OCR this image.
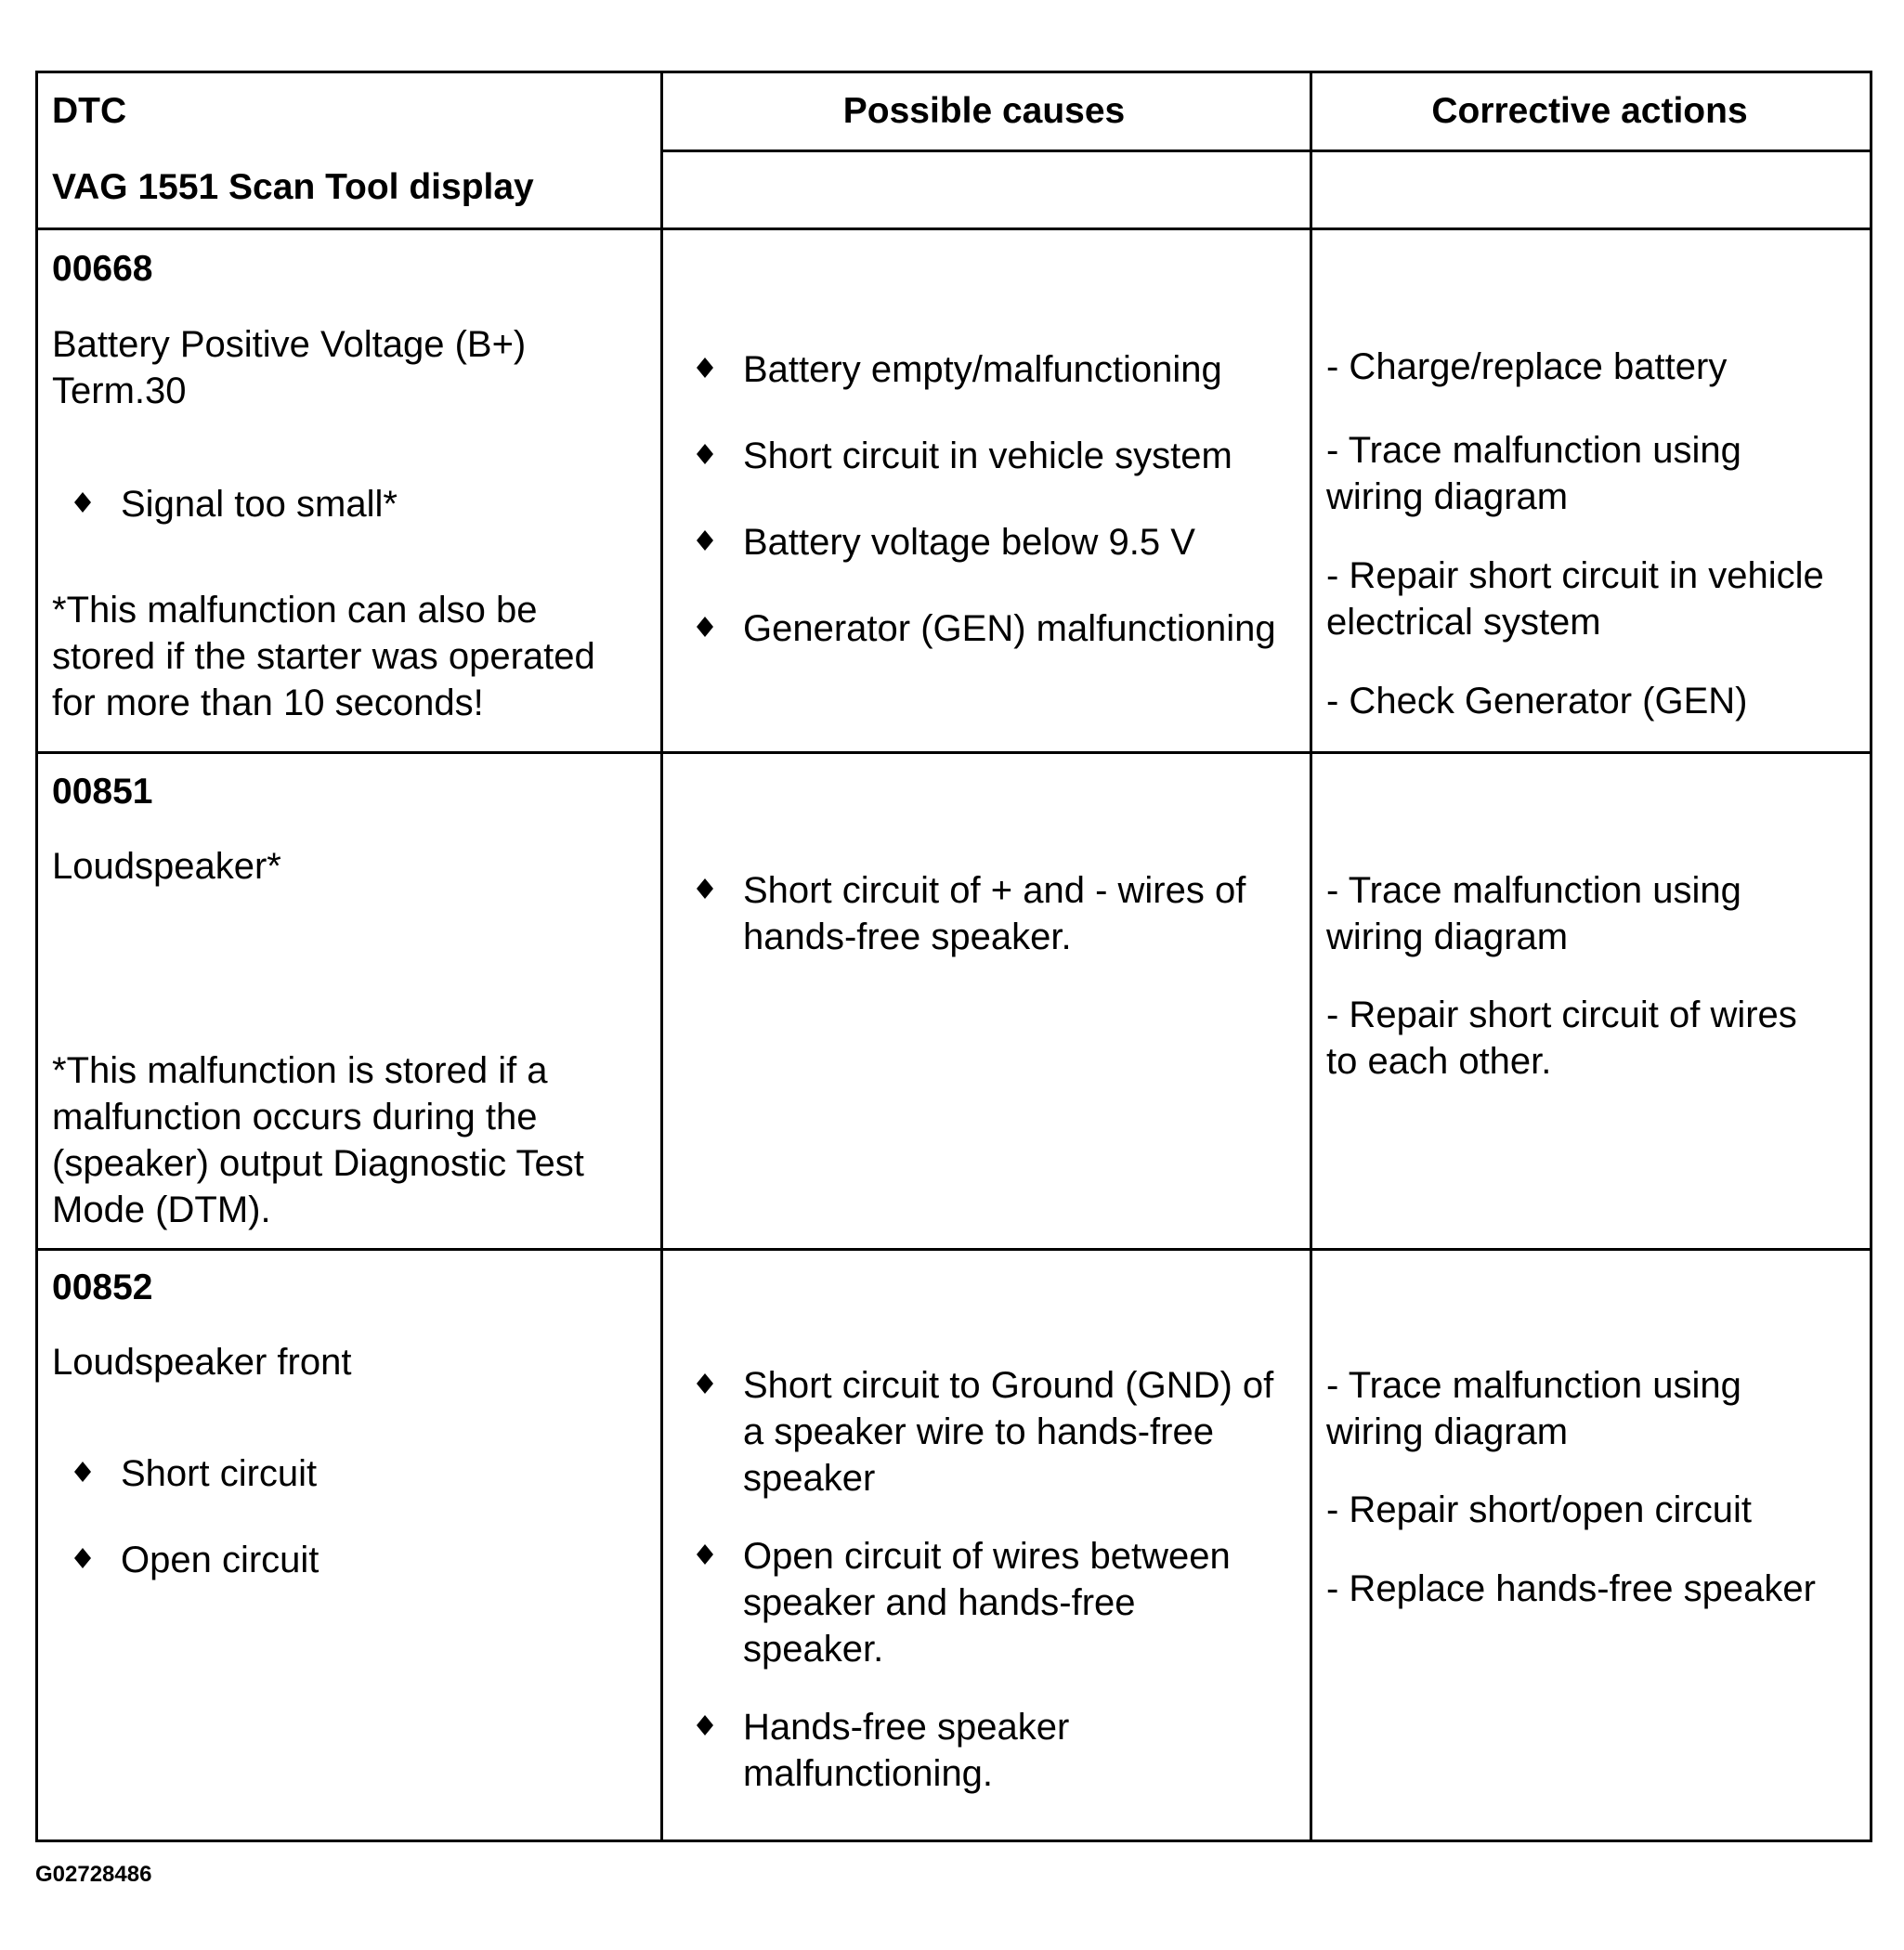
DTC
VAG 1551 Scan Tool display
Possible causes	Corrective actions
00668
Battery Positive Voltage (B+)
Term.30
Signal too small*
*This malfunction can also be
stored if the starter was operated
for more than 10 seconds!
Battery empty/malfunctioning
Short circuit in vehicle system
Battery voltage below 9.5 V
Generator (GEN) malfunctioning
- Charge/replace battery
- Trace malfunction using
wiring diagram
- Repair short circuit in vehicle
electrical system
- Check Generator (GEN)
00851
Loudspeaker*
*This malfunction is stored if a
malfunction occurs during the
(speaker) output Diagnostic Test
Mode (DTM).
Short circuit of + and - wires of
hands-free speaker.
- Trace malfunction using
wiring diagram
- Repair short circuit of wires
to each other.
00852
Loudspeaker front
Short circuit
Open circuit
Short circuit to Ground (GND) of
a speaker wire to hands-free
speaker
Open circuit of wires between
speaker and hands-free
speaker.
Hands-free speaker
malfunctioning.
- Trace malfunction using
wiring diagram
- Repair short/open circuit
- Replace hands-free speaker
G02728486
